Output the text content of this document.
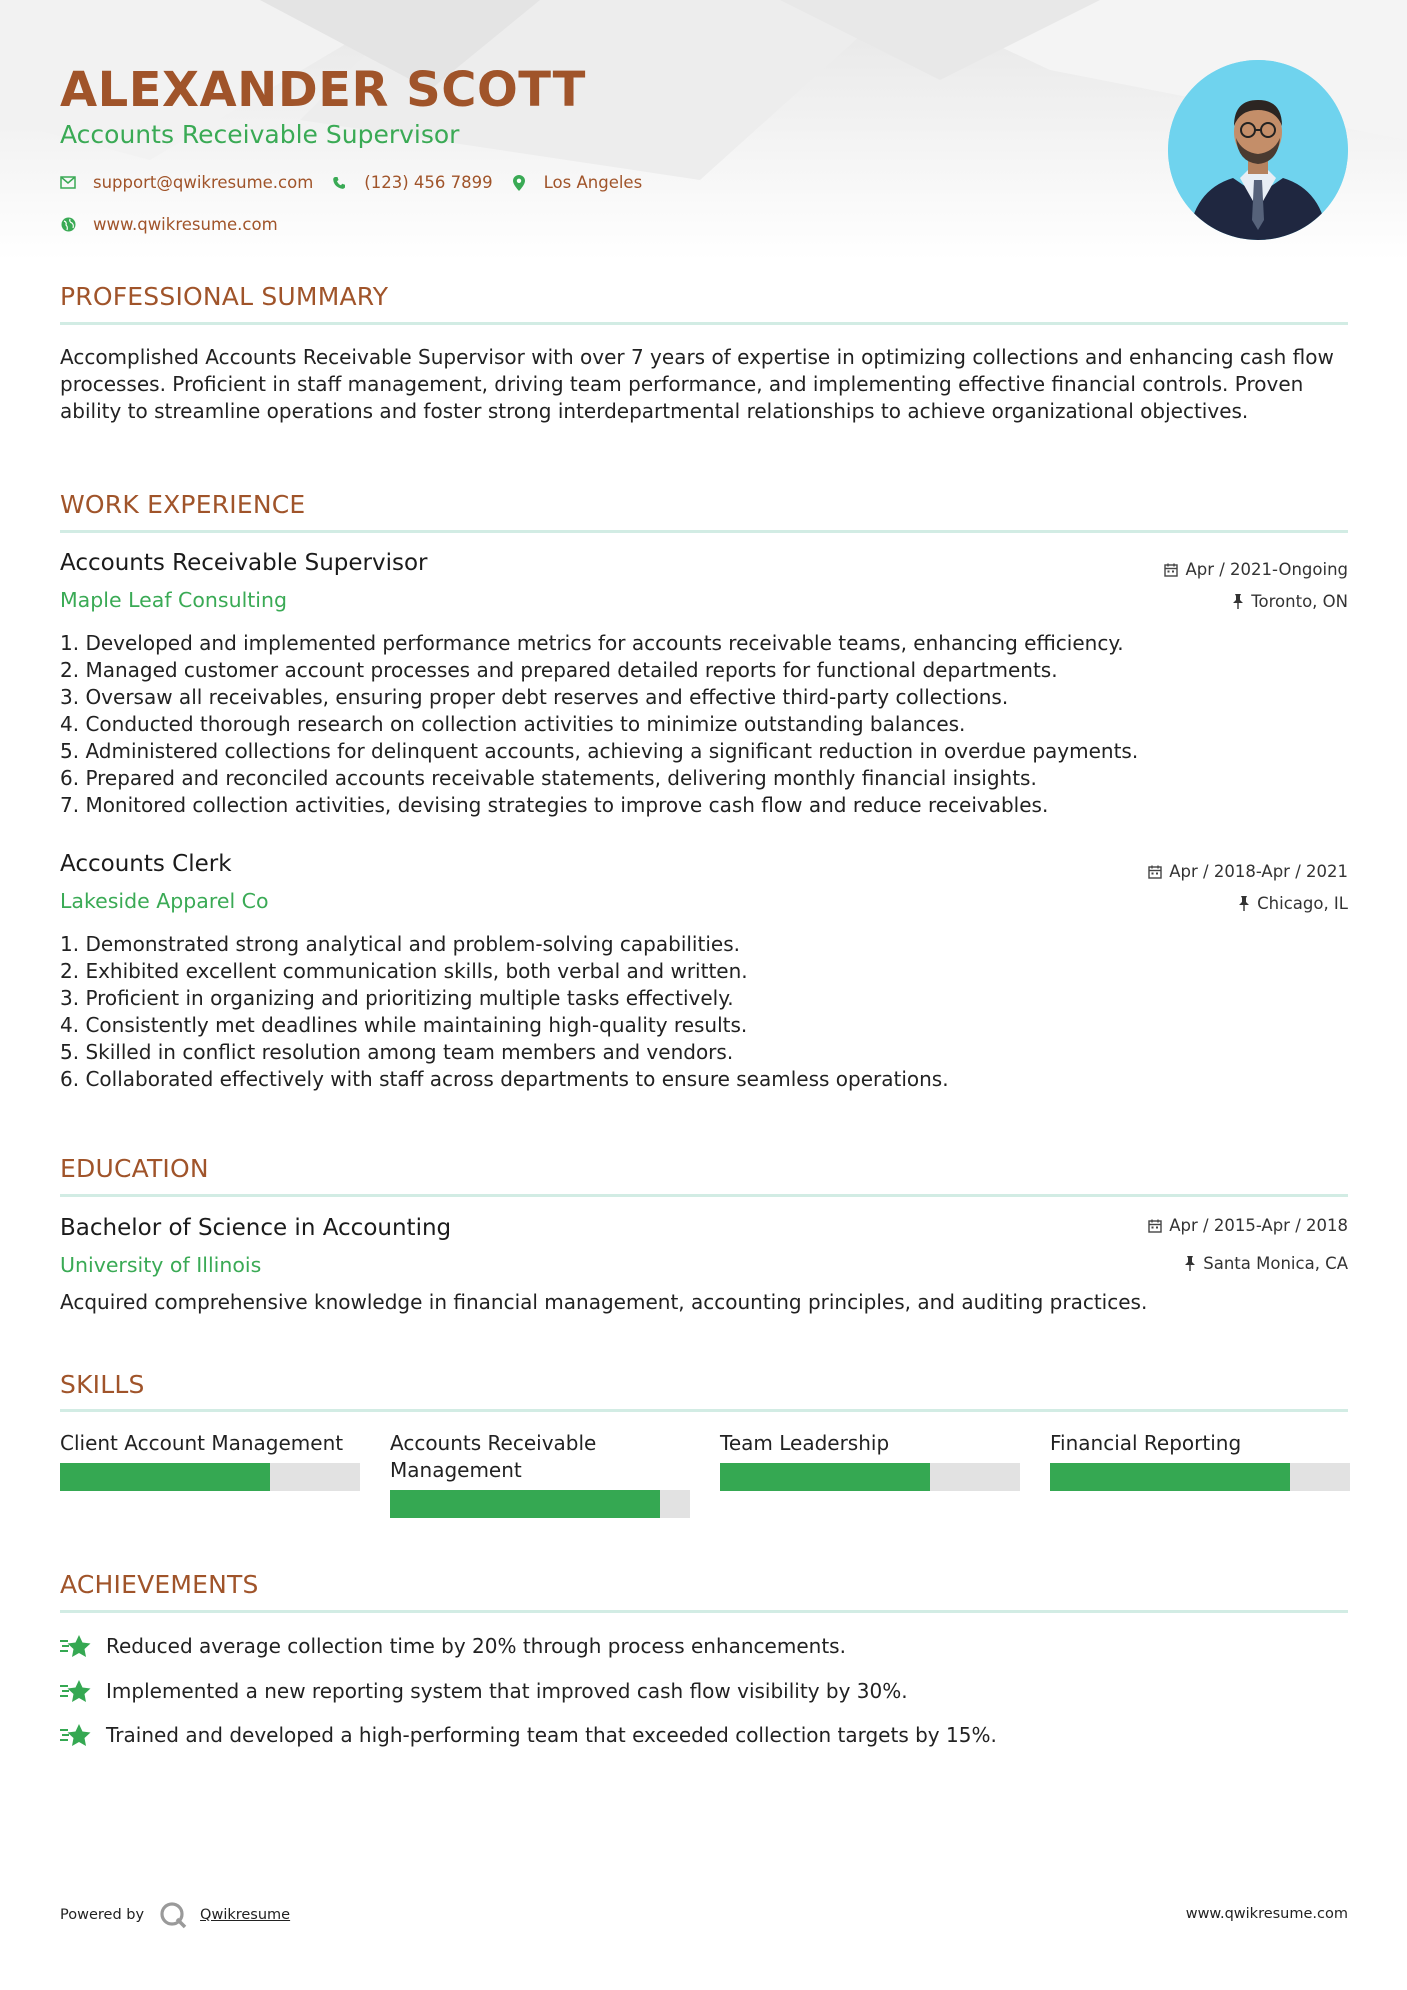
ALEXANDER SCOTT
Accounts Receivable Supervisor
support@qwikresume.com	(123) 456 7899	Los Angeles
www.qwikresume.com
PROFESSIONAL SUMMARY
Accomplished Accounts Receivable Supervisor with over 7 years of expertise in optimizing collections and enhancing cash flow processes. Proficient in staff management, driving team performance, and implementing effective financial controls. Proven ability to streamline operations and foster strong interdepartmental relationships to achieve organizational objectives.
WORK EXPERIENCE
Accounts Receivable Supervisor	Apr / 2021-Ongoing
Maple Leaf Consulting	Toronto, ON
1. Developed and implemented performance metrics for accounts receivable teams, enhancing efficiency.
2. Managed customer account processes and prepared detailed reports for functional departments.
3. Oversaw all receivables, ensuring proper debt reserves and effective third-party collections.
4. Conducted thorough research on collection activities to minimize outstanding balances.
5. Administered collections for delinquent accounts, achieving a significant reduction in overdue payments.
6. Prepared and reconciled accounts receivable statements, delivering monthly financial insights.
7. Monitored collection activities, devising strategies to improve cash flow and reduce receivables.
Accounts Clerk	Apr / 2018-Apr / 2021
Lakeside Apparel Co	Chicago, IL
1. Demonstrated strong analytical and problem-solving capabilities.
2. Exhibited excellent communication skills, both verbal and written.
3. Proficient in organizing and prioritizing multiple tasks effectively.
4. Consistently met deadlines while maintaining high-quality results.
5. Skilled in conflict resolution among team members and vendors.
6. Collaborated effectively with staff across departments to ensure seamless operations.
EDUCATION
Bachelor of Science in Accounting	Apr / 2015-Apr / 2018
University of Illinois	Santa Monica, CA
Acquired comprehensive knowledge in financial management, accounting principles, and auditing practices.
SKILLS
Client Account Management	Accounts Receivable Management
Team Leadership	Financial Reporting
ACHIEVEMENTS
Reduced average collection time by 20% through process enhancements.
Implemented a new reporting system that improved cash flow visibility by 30%.
Trained and developed a high-performing team that exceeded collection targets by 15%.
Powered by	Qwikresume	www.qwikresume.com
